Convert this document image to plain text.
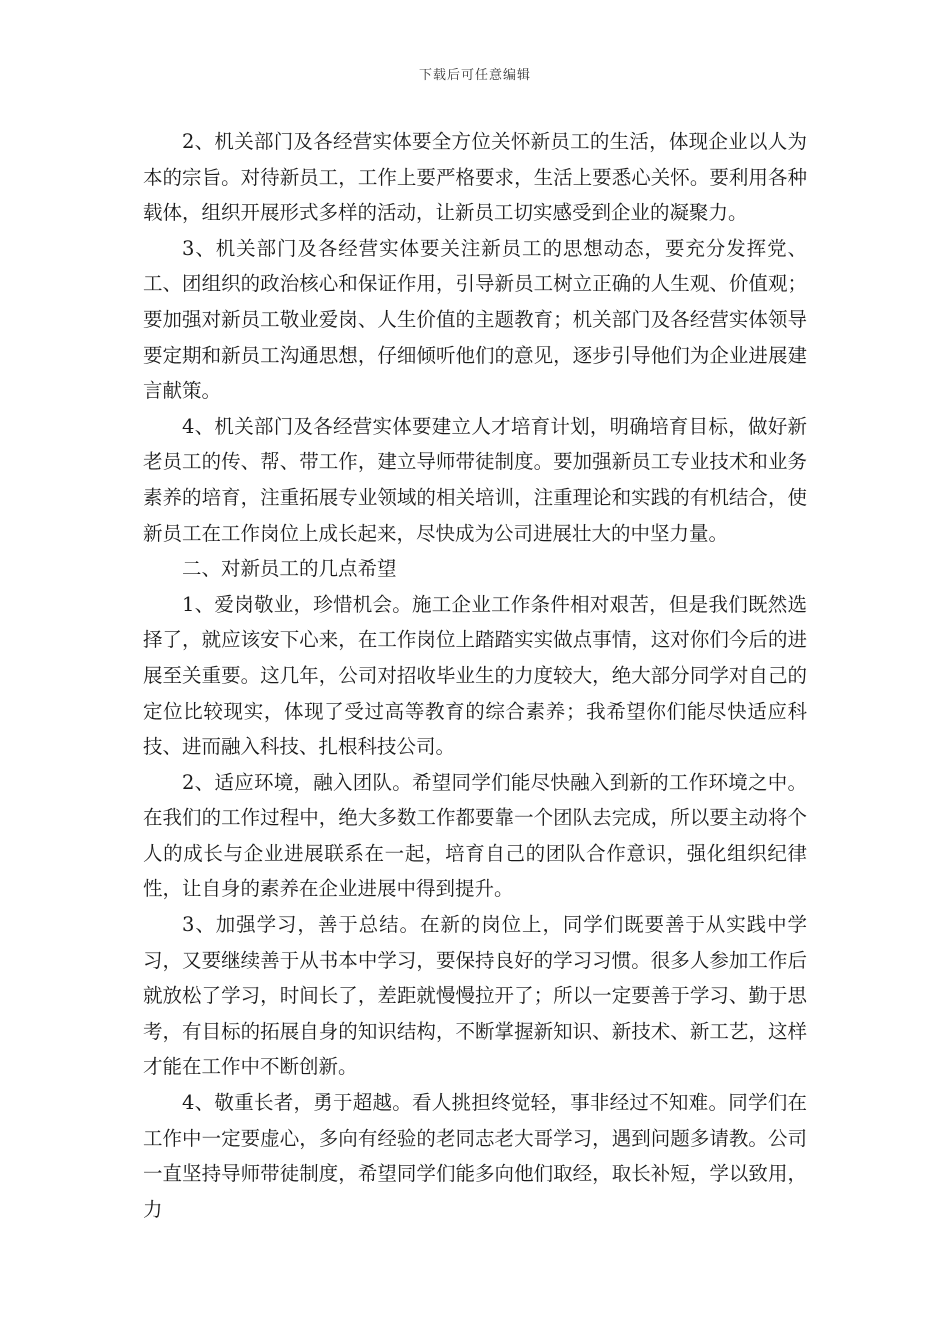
下载后可任意编辑

2、机关部门及各经营实体要全方位关怀新员工的生活，体现企业以人为本的宗旨。对待新员工，工作上要严格要求，生活上要悉心关怀。要利用各种载体，组织开展形式多样的活动，让新员工切实感受到企业的凝聚力。

3、机关部门及各经营实体要关注新员工的思想动态，要充分发挥党、工、团组织的政治核心和保证作用，引导新员工树立正确的人生观、价值观；要加强对新员工敬业爱岗、人生价值的主题教育；机关部门及各经营实体领导要定期和新员工沟通思想，仔细倾听他们的意见，逐步引导他们为企业进展建言献策。

4、机关部门及各经营实体要建立人才培育计划，明确培育目标，做好新老员工的传、帮、带工作，建立导师带徒制度。要加强新员工专业技术和业务素养的培育，注重拓展专业领域的相关培训，注重理论和实践的有机结合，使新员工在工作岗位上成长起来，尽快成为公司进展壮大的中坚力量。

二、对新员工的几点希望

1、爱岗敬业，珍惜机会。施工企业工作条件相对艰苦，但是我们既然选择了，就应该安下心来，在工作岗位上踏踏实实做点事情，这对你们今后的进展至关重要。这几年，公司对招收毕业生的力度较大，绝大部分同学对自己的定位比较现实，体现了受过高等教育的综合素养；我希望你们能尽快适应科技、进而融入科技、扎根科技公司。

2、适应环境，融入团队。希望同学们能尽快融入到新的工作环境之中。在我们的工作过程中，绝大多数工作都要靠一个团队去完成，所以要主动将个人的成长与企业进展联系在一起，培育自己的团队合作意识，强化组织纪律性，让自身的素养在企业进展中得到提升。

3、加强学习，善于总结。在新的岗位上，同学们既要善于从实践中学习，又要继续善于从书本中学习，要保持良好的学习习惯。很多人参加工作后就放松了学习，时间长了，差距就慢慢拉开了；所以一定要善于学习、勤于思考，有目标的拓展自身的知识结构，不断掌握新知识、新技术、新工艺，这样才能在工作中不断创新。

4、敬重长者，勇于超越。看人挑担终觉轻，事非经过不知难。同学们在工作中一定要虚心，多向有经验的老同志老大哥学习，遇到问题多请教。公司一直坚持导师带徒制度，希望同学们能多向他们取经，取长补短，学以致用，力
